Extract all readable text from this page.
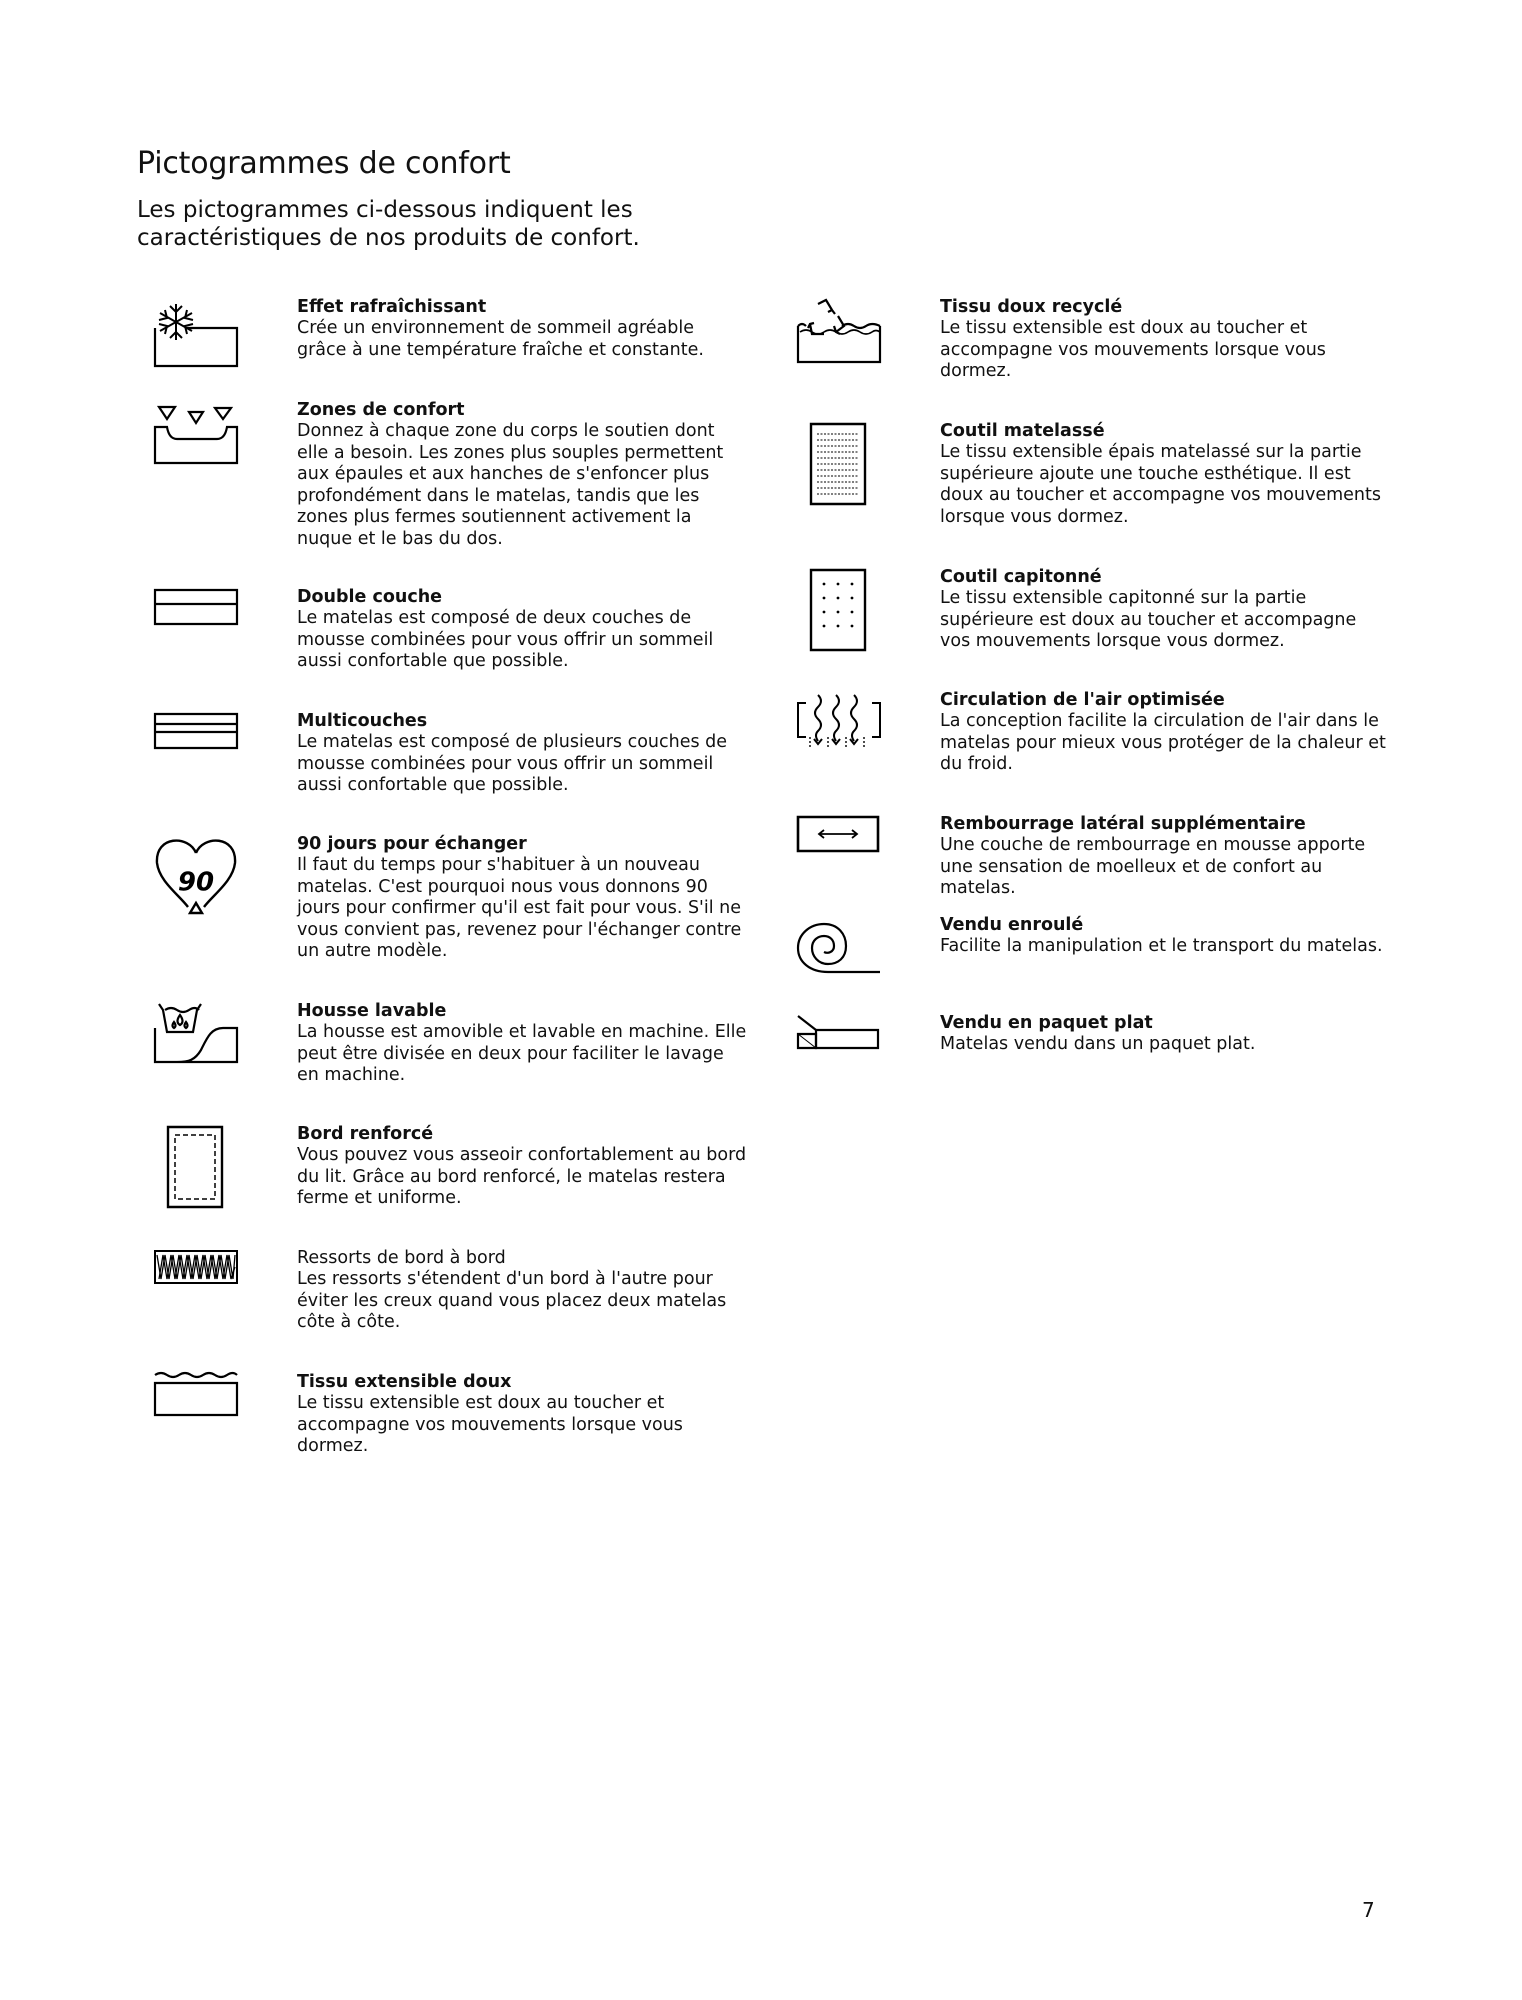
Pictogrammes de confort

Les pictogrammes ci-dessous indiquent les caractéristiques de nos produits de confort.

Effet rafraîchissant
Crée un environnement de sommeil agréable grâce à une température fraîche et constante.
Zones de confort
Donnez à chaque zone du corps le soutien dont elle a besoin. Les zones plus souples permettent aux épaules et aux hanches de s'enfoncer plus profondément dans le matelas, tandis que les zones plus fermes soutiennent activement la nuque et le bas du dos.
Double couche
Le matelas est composé de deux couches de mousse combinées pour vous offrir un sommeil aussi confortable que possible.
Multicouches
Le matelas est composé de plusieurs couches de mousse combinées pour vous offrir un sommeil aussi confortable que possible.
90
90 jours pour échanger
Il faut du temps pour s'habituer à un nouveau matelas. C'est pourquoi nous vous donnons 90 jours pour confirmer qu'il est fait pour vous. S'il ne vous convient pas, revenez pour l'échanger contre un autre modèle.
Housse lavable
La housse est amovible et lavable en machine. Elle peut être divisée en deux pour faciliter le lavage en machine.
Bord renforcé
Vous pouvez vous asseoir confortablement au bord du lit. Grâce au bord renforcé, le matelas restera ferme et uniforme.
Ressorts de bord à bord
Les ressorts s'étendent d'un bord à l'autre pour éviter les creux quand vous placez deux matelas côte à côte.
Tissu extensible doux
Le tissu extensible est doux au toucher et accompagne vos mouvements lorsque vous dormez.
Tissu doux recyclé
Le tissu extensible est doux au toucher et accompagne vos mouvements lorsque vous dormez.
Coutil matelassé
Le tissu extensible épais matelassé sur la partie supérieure ajoute une touche esthétique. Il est doux au toucher et accompagne vos mouvements lorsque vous dormez.
Coutil capitonné
Le tissu extensible capitonné sur la partie supérieure est doux au toucher et accompagne vos mouvements lorsque vous dormez.
Circulation de l'air optimisée
La conception facilite la circulation de l'air dans le matelas pour mieux vous protéger de la chaleur et du froid.
Rembourrage latéral supplémentaire
Une couche de rembourrage en mousse apporte une sensation de moelleux et de confort au matelas.
Vendu enroulé
Facilite la manipulation et le transport du matelas.
Vendu en paquet plat
Matelas vendu dans un paquet plat.
7
